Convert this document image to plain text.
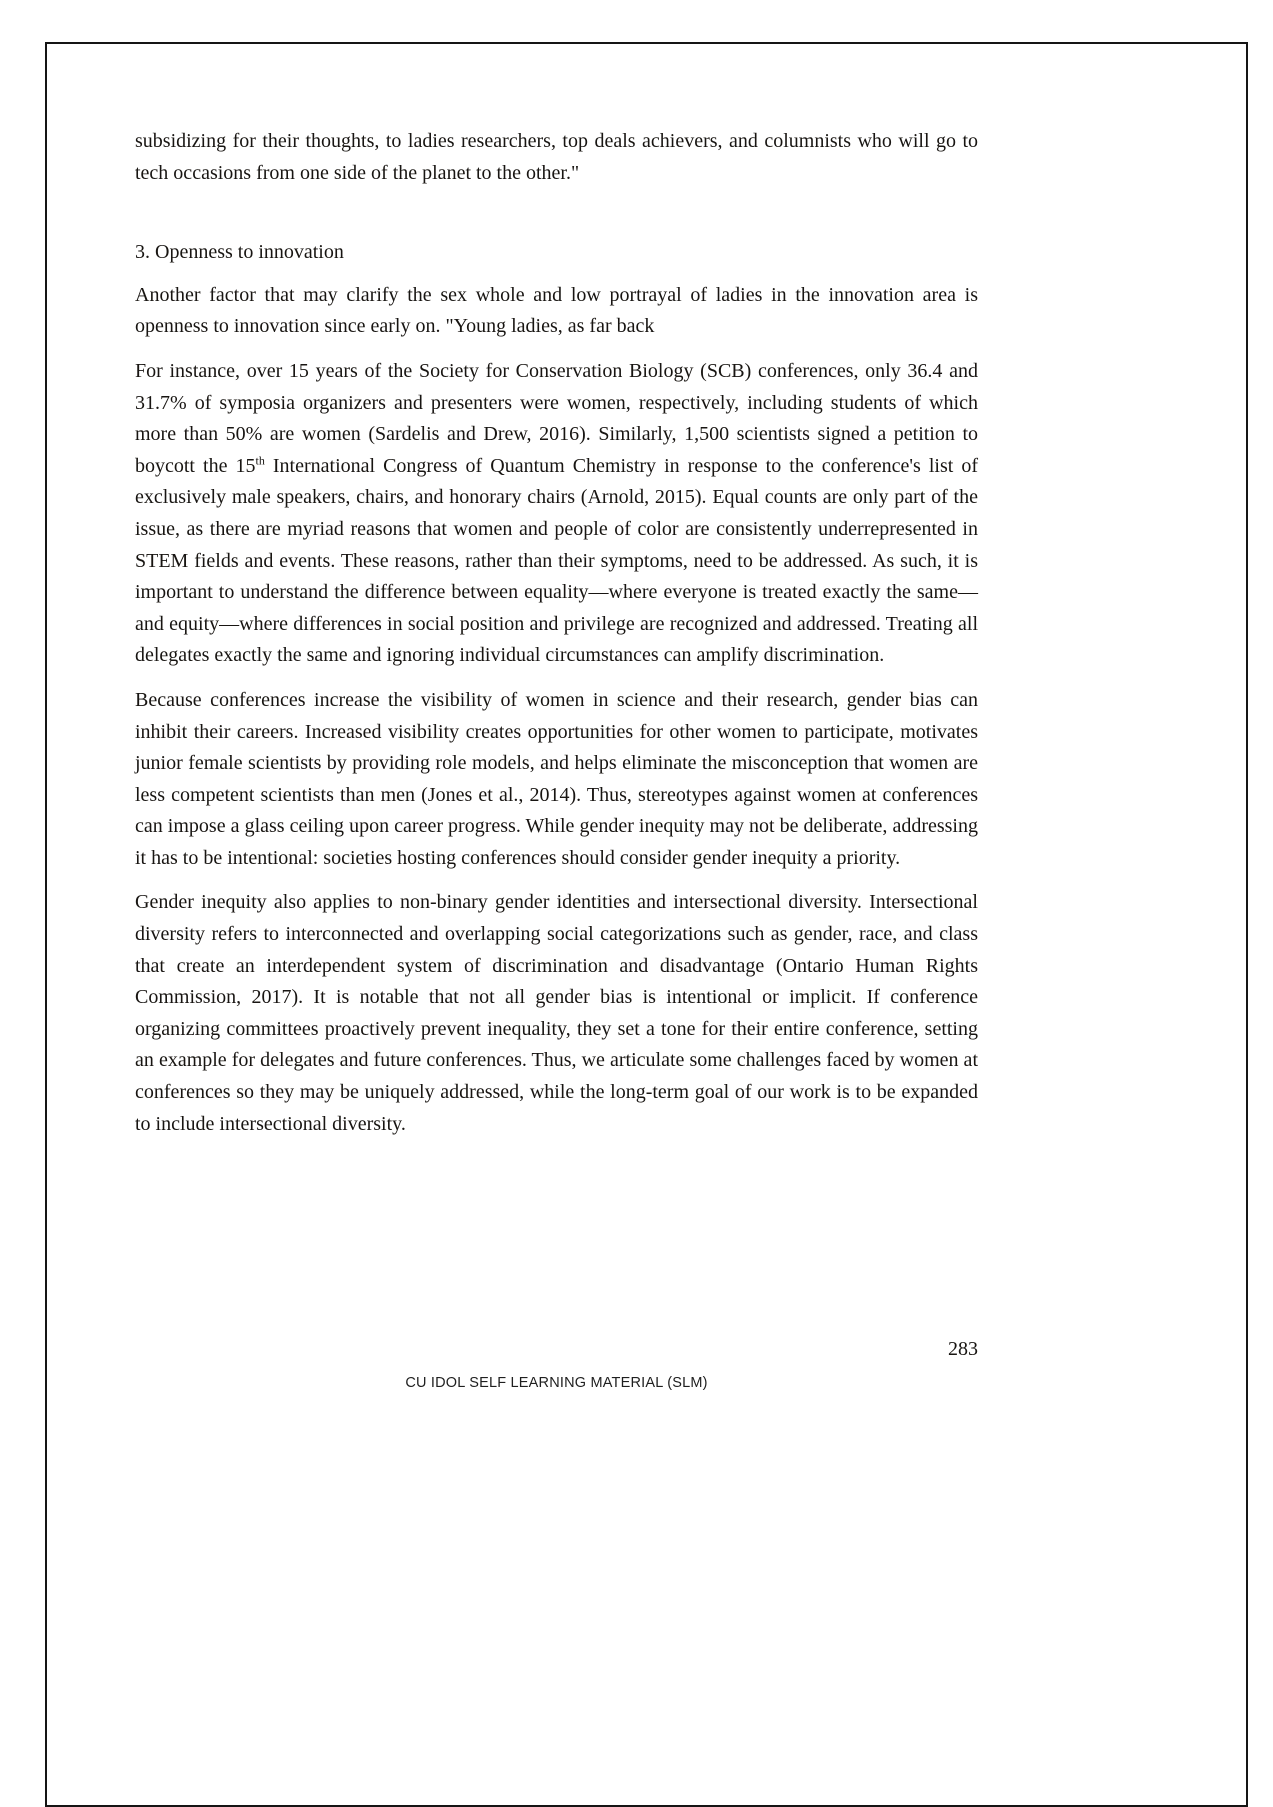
subsidizing for their thoughts, to ladies researchers, top deals achievers, and columnists who will go to tech occasions from one side of the planet to the other."

3. Openness to innovation

Another factor that may clarify the sex whole and low portrayal of ladies in the innovation area is openness to innovation since early on. "Young ladies, as far back

For instance, over 15 years of the Society for Conservation Biology (SCB) conferences, only 36.4 and 31.7% of symposia organizers and presenters were women, respectively, including students of which more than 50% are women (Sardelis and Drew, 2016). Similarly, 1,500 scientists signed a petition to boycott the 15th International Congress of Quantum Chemistry in response to the conference's list of exclusively male speakers, chairs, and honorary chairs (Arnold, 2015). Equal counts are only part of the issue, as there are myriad reasons that women and people of color are consistently underrepresented in STEM fields and events. These reasons, rather than their symptoms, need to be addressed. As such, it is important to understand the difference between equality—where everyone is treated exactly the same—and equity—where differences in social position and privilege are recognized and addressed. Treating all delegates exactly the same and ignoring individual circumstances can amplify discrimination.

Because conferences increase the visibility of women in science and their research, gender bias can inhibit their careers. Increased visibility creates opportunities for other women to participate, motivates junior female scientists by providing role models, and helps eliminate the misconception that women are less competent scientists than men (Jones et al., 2014). Thus, stereotypes against women at conferences can impose a glass ceiling upon career progress. While gender inequity may not be deliberate, addressing it has to be intentional: societies hosting conferences should consider gender inequity a priority.

Gender inequity also applies to non-binary gender identities and intersectional diversity. Intersectional diversity refers to interconnected and overlapping social categorizations such as gender, race, and class that create an interdependent system of discrimination and disadvantage (Ontario Human Rights Commission, 2017). It is notable that not all gender bias is intentional or implicit. If conference organizing committees proactively prevent inequality, they set a tone for their entire conference, setting an example for delegates and future conferences. Thus, we articulate some challenges faced by women at conferences so they may be uniquely addressed, while the long-term goal of our work is to be expanded to include intersectional diversity.

283
CU IDOL SELF LEARNING MATERIAL (SLM)
